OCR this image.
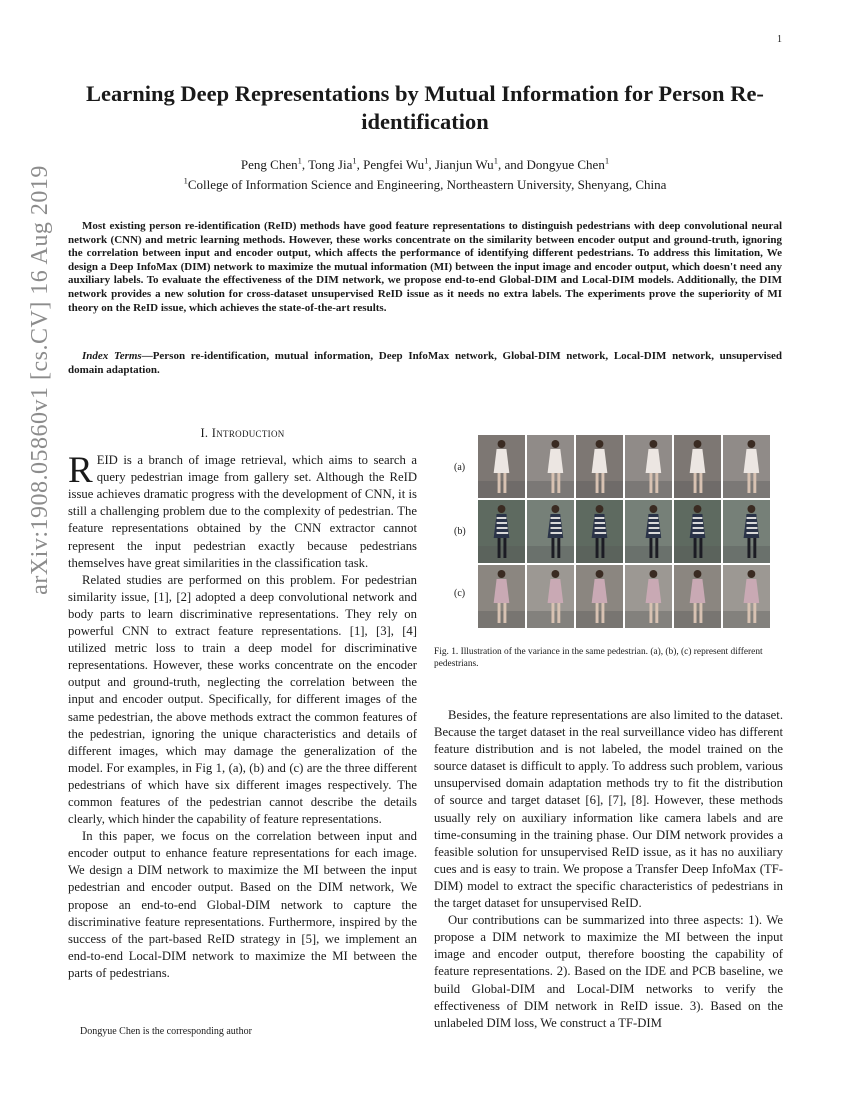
1
arXiv:1908.05860v1 [cs.CV] 16 Aug 2019
Learning Deep Representations by Mutual Information for Person Re-identification
Peng Chen$^1$, Tong Jia$^1$, Pengfei Wu$^1$, Jianjun Wu$^1$, and Dongyue Chen$^1$
$^1$College of Information Science and Engineering, Northeastern University, Shenyang, China
Most existing person re-identification (ReID) methods have good feature representations to distinguish pedestrians with deep convolutional neural network (CNN) and metric learning methods. However, these works concentrate on the similarity between encoder output and ground-truth, ignoring the correlation between input and encoder output, which affects the performance of identifying different pedestrians. To address this limitation, We design a Deep InfoMax (DIM) network to maximize the mutual information (MI) between the input image and encoder output, which doesn't need any auxiliary labels. To evaluate the effectiveness of the DIM network, we propose end-to-end Global-DIM and Local-DIM models. Additionally, the DIM network provides a new solution for cross-dataset unsupervised ReID issue as it needs no extra labels. The experiments prove the superiority of MI theory on the ReID issue, which achieves the state-of-the-art results.
Index Terms—Person re-identification, mutual information, Deep InfoMax network, Global-DIM network, Local-DIM network, unsupervised domain adaptation.
I. Introduction

REID is a branch of image retrieval, which aims to search a query pedestrian image from gallery set. Although the ReID issue achieves dramatic progress with the development of CNN, it is still a challenging problem due to the complexity of pedestrian. The feature representations obtained by the CNN extractor cannot represent the input pedestrian exactly because pedestrians themselves have great similarities in the classification task.

Related studies are performed on this problem. For pedestrian similarity issue, [1], [2] adopted a deep convolutional network and body parts to learn discriminative representations. They rely on powerful CNN to extract feature representations. [1], [3], [4] utilized metric loss to train a deep model for discriminative representations. However, these works concentrate on the encoder output and ground-truth, neglecting the correlation between the input and encoder output. Specifically, for different images of the same pedestrian, the above methods extract the common features of the pedestrian, ignoring the unique characteristics and details of different images, which may damage the generalization of the model. For examples, in Fig 1, (a), (b) and (c) are the three different pedestrians of which have six different images respectively. The common features of the pedestrian cannot describe the details clearly, which hinder the capability of feature representations.

In this paper, we focus on the correlation between input and encoder output to enhance feature representations for each image. We design a DIM network to maximize the MI between the input pedestrian and encoder output. Based on the DIM network, We propose an end-to-end Global-DIM network to capture the discriminative feature representations. Furthermore, inspired by the success of the part-based ReID strategy in [5], we implement an end-to-end Local-DIM network to maximize the MI between the parts of pedestrians.

Dongyue Chen is the corresponding author
(a)
(b)
(c)
Fig. 1. Illustration of the variance in the same pedestrian. (a), (b), (c) represent different pedestrians.

Besides, the feature representations are also limited to the dataset. Because the target dataset in the real surveillance video has different feature distribution and is not labeled, the model trained on the source dataset is difficult to apply. To address such problem, various unsupervised domain adaptation methods try to fit the distribution of source and target dataset [6], [7], [8]. However, these methods usually rely on auxiliary information like camera labels and are time-consuming in the training phase. Our DIM network provides a feasible solution for unsupervised ReID issue, as it has no auxiliary cues and is easy to train. We propose a Transfer Deep InfoMax (TF-DIM) model to extract the specific characteristics of pedestrians in the target dataset for unsupervised ReID.

Our contributions can be summarized into three aspects: 1). We propose a DIM network to maximize the MI between the input image and encoder output, therefore boosting the capability of feature representations. 2). Based on the IDE and PCB baseline, we build Global-DIM and Local-DIM networks to verify the effectiveness of DIM network in ReID issue. 3). Based on the unlabeled DIM loss, We construct a TF-DIM
